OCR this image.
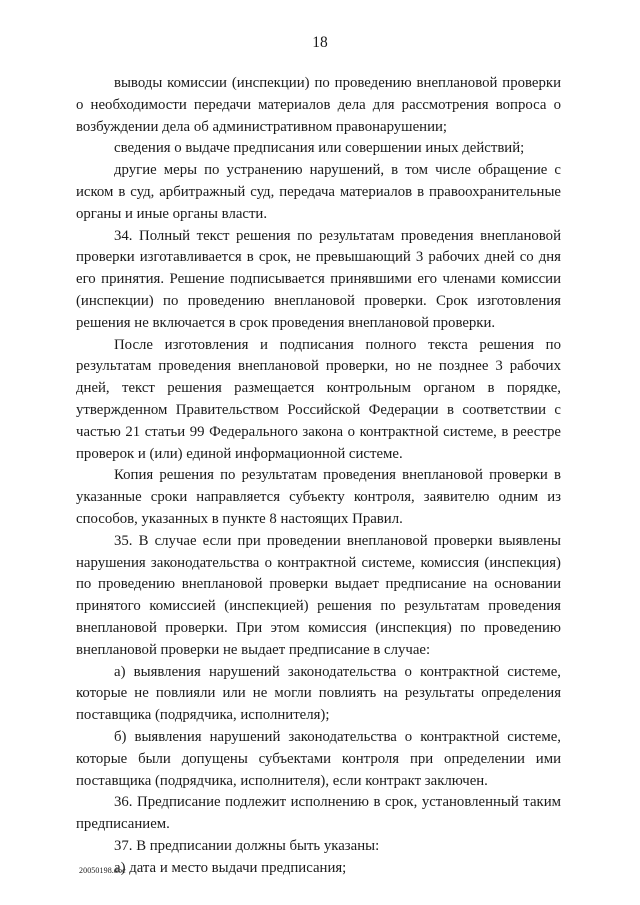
18

выводы комиссии (инспекции) по проведению внеплановой проверки о необходимости передачи материалов дела для рассмотрения вопроса о возбуждении дела об административном правонарушении;

сведения о выдаче предписания или совершении иных действий;

другие меры по устранению нарушений, в том числе обращение с иском в суд, арбитражный суд, передача материалов в правоохранительные органы и иные органы власти.

34. Полный текст решения по результатам проведения внеплановой проверки изготавливается в срок, не превышающий 3 рабочих дней со дня его принятия. Решение подписывается принявшими его членами комиссии (инспекции) по проведению внеплановой проверки. Срок изготовления решения не включается в срок проведения внеплановой проверки.

После изготовления и подписания полного текста решения по результатам проведения внеплановой проверки, но не позднее 3 рабочих дней, текст решения размещается контрольным органом в порядке, утвержденном Правительством Российской Федерации в соответствии с частью 21 статьи 99 Федерального закона о контрактной системе, в реестре проверок и (или) единой информационной системе.

Копия решения по результатам проведения внеплановой проверки в указанные сроки направляется субъекту контроля, заявителю одним из способов, указанных в пункте 8 настоящих Правил.

35. В случае если при проведении внеплановой проверки выявлены нарушения законодательства о контрактной системе, комиссия (инспекция) по проведению внеплановой проверки выдает предписание на основании принятого комиссией (инспекцией) решения по результатам проведения внеплановой проверки. При этом комиссия (инспекция) по проведению внеплановой проверки не выдает предписание в случае:

а) выявления нарушений законодательства о контрактной системе, которые не повлияли или не могли повлиять на результаты определения поставщика (подрядчика, исполнителя);

б) выявления нарушений законодательства о контрактной системе, которые были допущены субъектами контроля при определении ими поставщика (подрядчика, исполнителя), если контракт заключен.

36. Предписание подлежит исполнению в срок, установленный таким предписанием.

37. В предписании должны быть указаны:

а) дата и место выдачи предписания;

20050198.doc
